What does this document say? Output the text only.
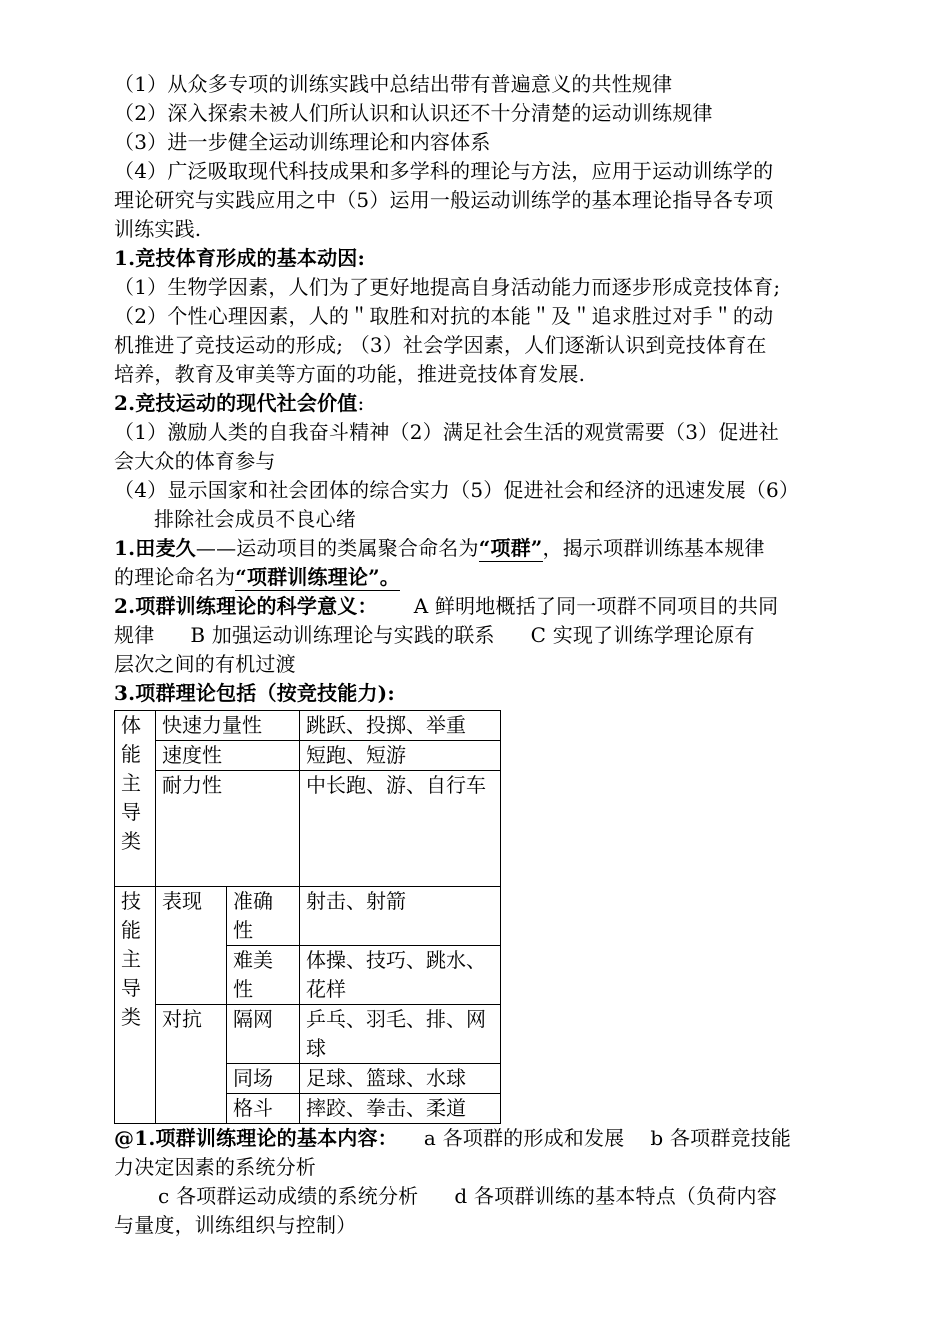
（1）从众多专项的训练实践中总结出带有普遍意义的共性规律
（2）深入探索未被人们所认识和认识还不十分清楚的运动训练规律
（3）进一步健全运动训练理论和内容体系
（4）广泛吸取现代科技成果和多学科的理论与方法，应用于运动训练学的
理论研究与实践应用之中（5）运用一般运动训练学的基本理论指导各专项
训练实践.
1.竞技体育形成的基本动因:
（1）生物学因素，人们为了更好地提高自身活动能力而逐步形成竞技体育;
（2）个性心理因素，人的＂取胜和对抗的本能＂及＂追求胜过对手＂的动
机推进了竞技运动的形成; （3）社会学因素，人们逐渐认识到竞技体育在
培养，教育及审美等方面的功能，推进竞技体育发展.
2.竞技运动的现代社会价值:
（1）激励人类的自我奋斗精神（2）满足社会生活的观赏需要（3）促进社
会大众的体育参与
（4）显示国家和社会团体的综合实力（5）促进社会和经济的迅速发展（6）
排除社会成员不良心绪
1.田麦久——运动项目的类属聚合命名为“项群”，揭示项群训练基本规律
的理论命名为“项群训练理论”。
2.项群训练理论的科学意义： A 鲜明地概括了同一项群不同项目的共同
规律 B 加强运动训练理论与实践的联系 C 实现了训练学理论原有
层次之间的有机过渡
3.项群理论包括（按竞技能力):
体能主导类	快速力量性		跳跃、投掷、举重
	速度性		短跑、短游
	耐力性		中长跑、游、自行车

技能主导类	表现	准确性	射击、射箭

		难美性	体操、技巧、跳水、花样
	对抗	隔网	乒乓、羽毛、排、网球
		同场	足球、篮球、水球
		格斗	摔跤、拳击、柔道
@1.项群训练理论的基本内容： a 各项群的形成和发展 b 各项群竞技能
力决定因素的系统分析
c 各项群运动成绩的系统分析 d 各项群训练的基本特点（负荷内容
与量度，训练组织与控制）
